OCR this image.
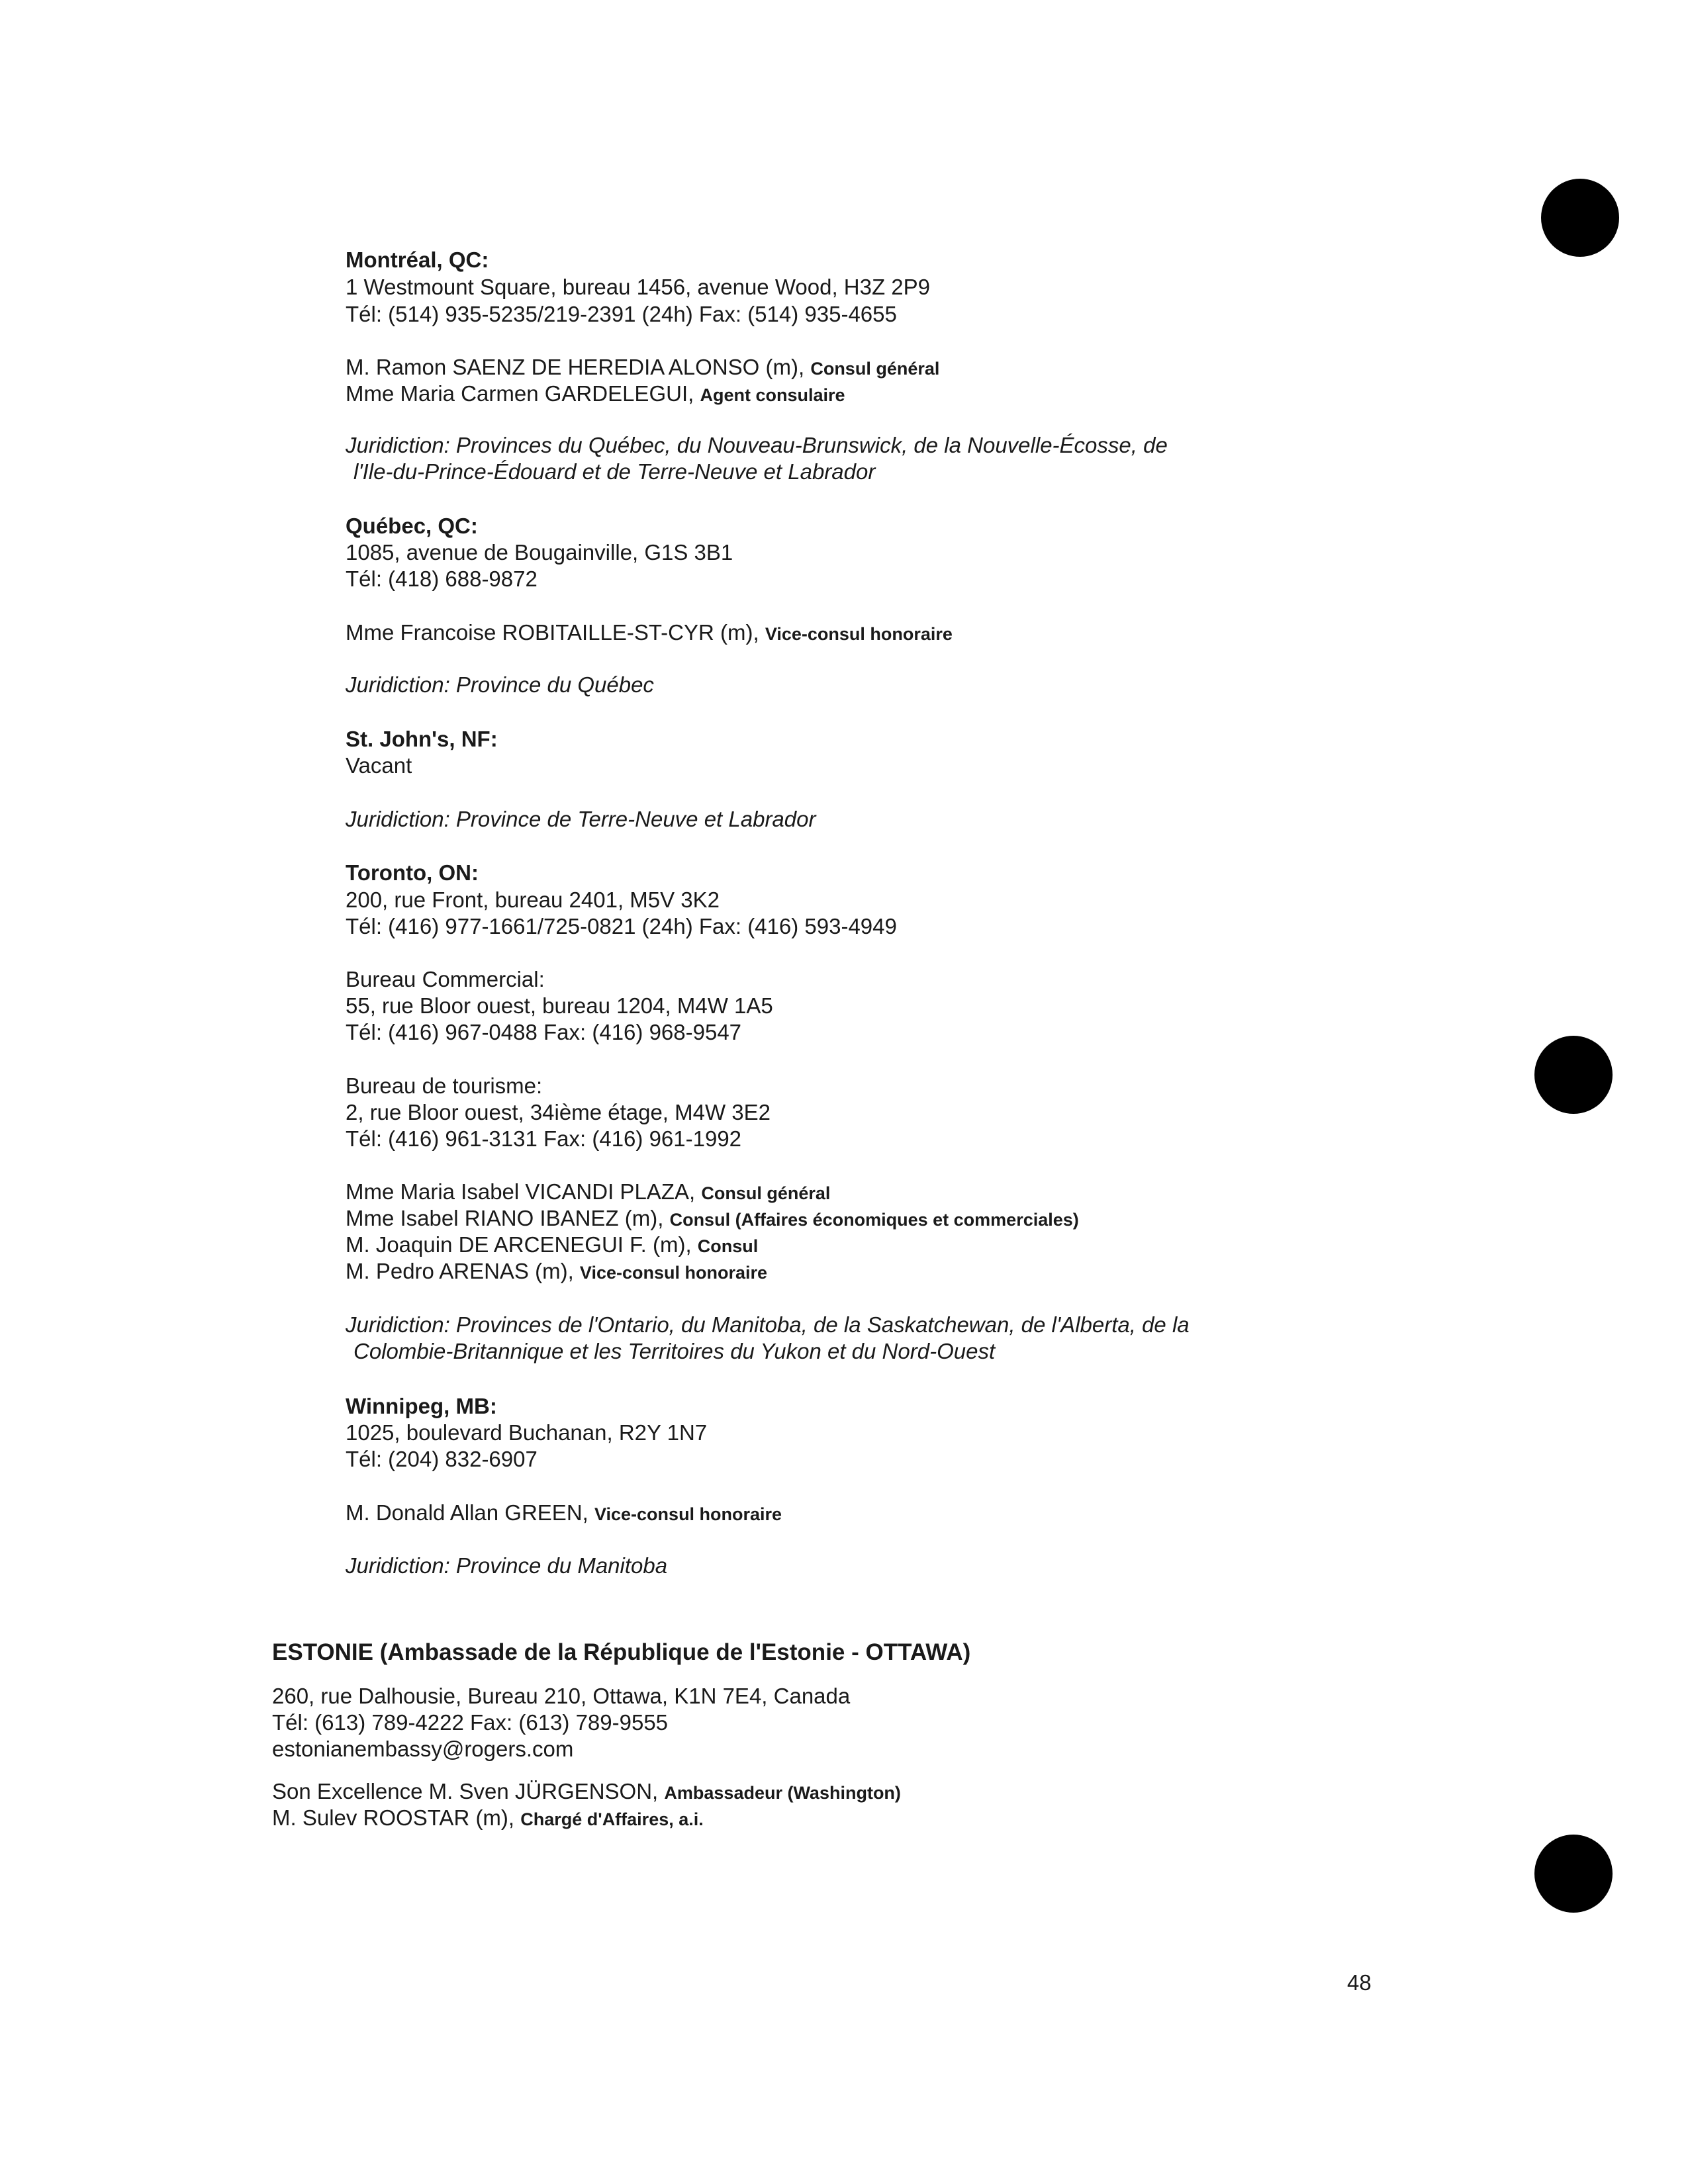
Montréal, QC:
1 Westmount Square, bureau 1456, avenue Wood, H3Z 2P9
Tél: (514) 935-5235/219-2391 (24h) Fax: (514) 935-4655
M. Ramon SAENZ DE HEREDIA ALONSO (m), Consul général
Mme Maria Carmen GARDELEGUI, Agent consulaire
Juridiction: Provinces du Québec, du Nouveau-Brunswick, de la Nouvelle-Écosse, de
l'Ile-du-Prince-Édouard et de Terre-Neuve et Labrador
Québec, QC:
1085, avenue de Bougainville, G1S 3B1
Tél: (418) 688-9872
Mme Francoise ROBITAILLE-ST-CYR (m), Vice-consul honoraire
Juridiction: Province du Québec
St. John's, NF:
Vacant
Juridiction: Province de Terre-Neuve et Labrador
Toronto, ON:
200, rue Front, bureau 2401, M5V 3K2
Tél: (416) 977-1661/725-0821 (24h) Fax: (416) 593-4949
Bureau Commercial:
55, rue Bloor ouest, bureau 1204, M4W 1A5
Tél: (416) 967-0488 Fax: (416) 968-9547
Bureau de tourisme:
2, rue Bloor ouest, 34ième étage, M4W 3E2
Tél: (416) 961-3131 Fax: (416) 961-1992
Mme Maria Isabel VICANDI PLAZA, Consul général
Mme Isabel RIANO IBANEZ (m), Consul (Affaires économiques et commerciales)
M. Joaquin DE ARCENEGUI F. (m), Consul
M. Pedro ARENAS (m), Vice-consul honoraire
Juridiction: Provinces de l'Ontario, du Manitoba, de la Saskatchewan, de l'Alberta, de la
Colombie-Britannique et les Territoires du Yukon et du Nord-Ouest
Winnipeg, MB:
1025, boulevard Buchanan, R2Y 1N7
Tél: (204) 832-6907
M. Donald Allan GREEN, Vice-consul honoraire
Juridiction: Province du Manitoba
ESTONIE (Ambassade de la République de l'Estonie - OTTAWA)
260, rue Dalhousie, Bureau 210, Ottawa, K1N 7E4, Canada
Tél: (613) 789-4222 Fax: (613) 789-9555
estonianembassy@rogers.com
Son Excellence M. Sven JÜRGENSON, Ambassadeur (Washington)
M. Sulev ROOSTAR (m), Chargé d'Affaires, a.i.
48
